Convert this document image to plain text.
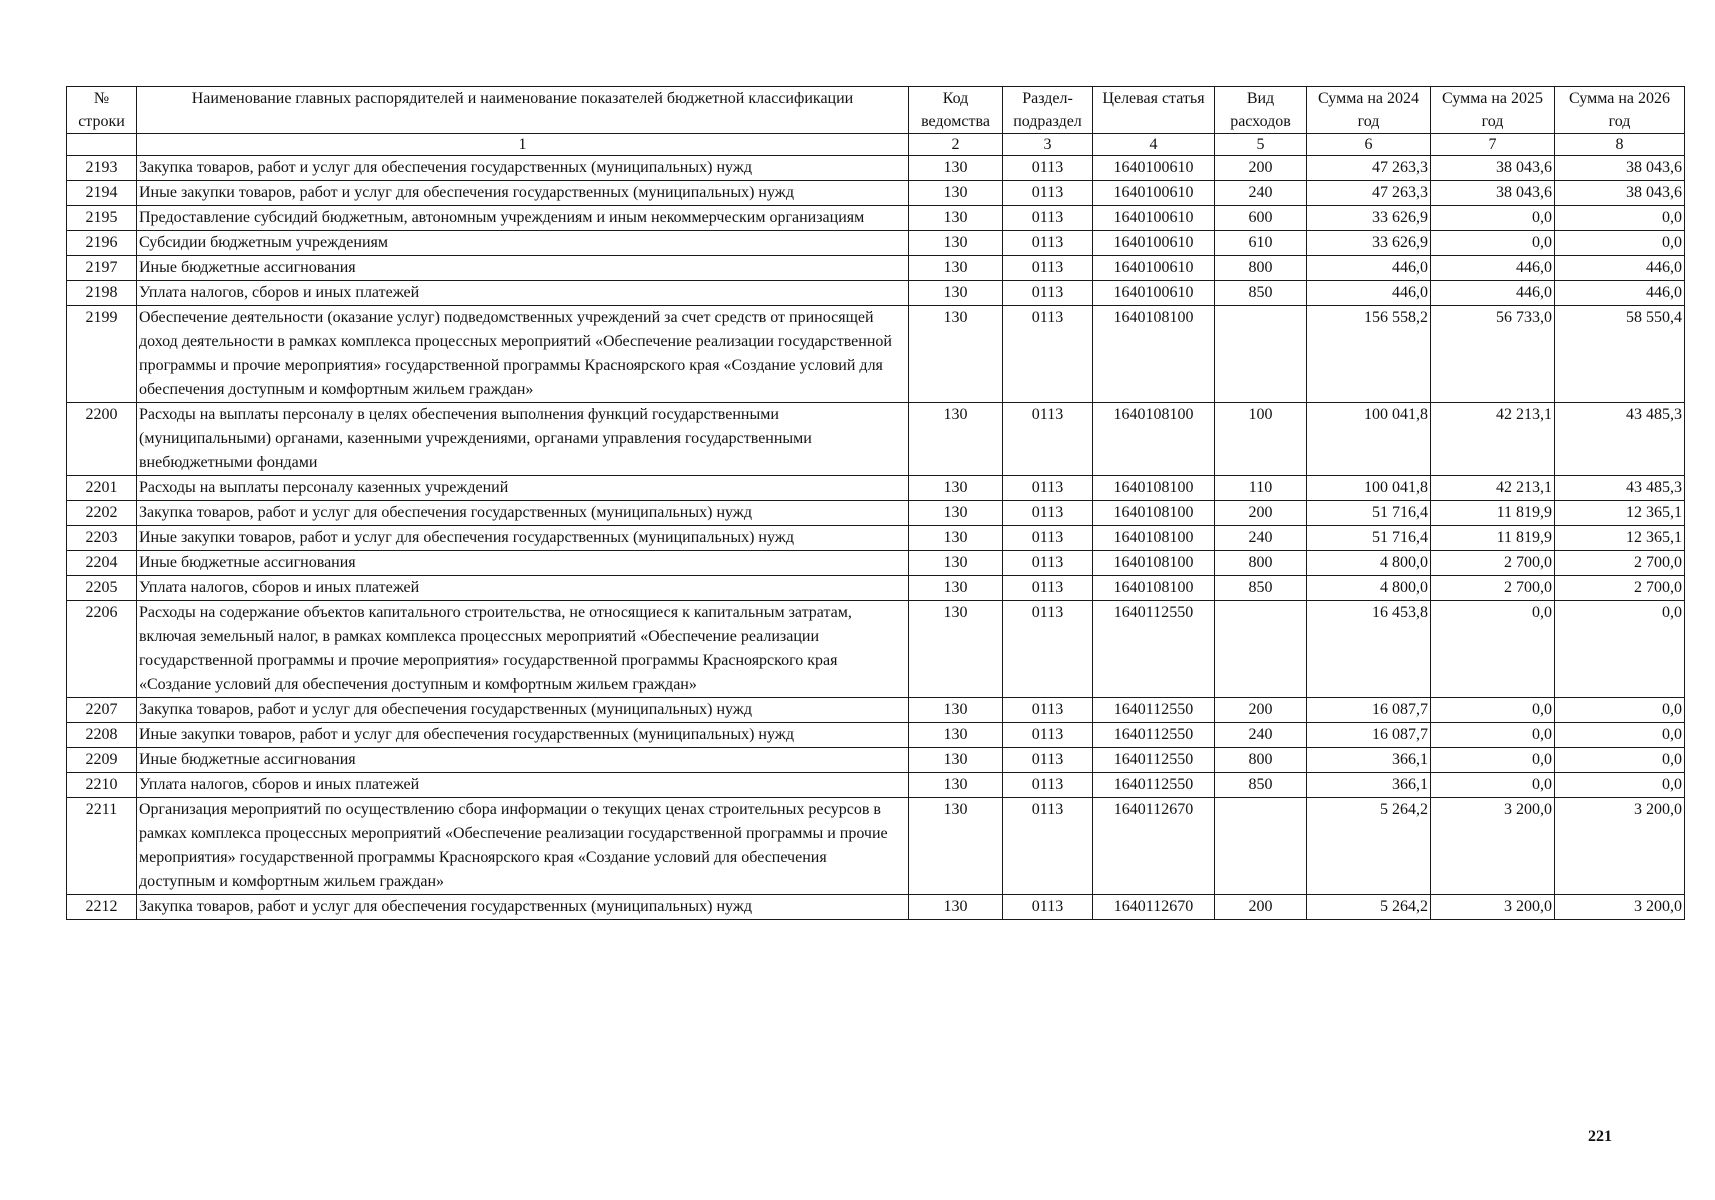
№ строки	Наименование главных распорядителей и наименование показателей бюджетной классификации	Код ведомства	Раздел-подраздел	Целевая статья	Вид расходов	Сумма на 2024 год	Сумма на 2025 год	Сумма на 2026 год
	1	2	3	4	5	6	7	8
2193	Закупка товаров, работ и услуг для обеспечения государственных (муниципальных) нужд	130	0113	1640100610	200	47 263,3	38 043,6	38 043,6
2194	Иные закупки товаров, работ и услуг для обеспечения государственных (муниципальных) нужд	130	0113	1640100610	240	47 263,3	38 043,6	38 043,6
2195	Предоставление субсидий бюджетным, автономным учреждениям и иным некоммерческим организациям	130	0113	1640100610	600	33 626,9	0,0	0,0
2196	Субсидии бюджетным учреждениям	130	0113	1640100610	610	33 626,9	0,0	0,0
2197	Иные бюджетные ассигнования	130	0113	1640100610	800	446,0	446,0	446,0
2198	Уплата налогов, сборов и иных платежей	130	0113	1640100610	850	446,0	446,0	446,0
2199	Обеспечение деятельности (оказание услуг) подведомственных учреждений за счет средств от приносящей доход деятельности в рамках комплекса процессных мероприятий «Обеспечение реализации государственной программы и прочие мероприятия» государственной программы Красноярского края «Создание условий для обеспечения доступным и комфортным жильем граждан»	130	0113	1640108100		156 558,2	56 733,0	58 550,4
2200	Расходы на выплаты персоналу в целях обеспечения выполнения функций государственными (муниципальными) органами, казенными учреждениями, органами управления государственными внебюджетными фондами	130	0113	1640108100	100	100 041,8	42 213,1	43 485,3
2201	Расходы на выплаты персоналу казенных учреждений	130	0113	1640108100	110	100 041,8	42 213,1	43 485,3
2202	Закупка товаров, работ и услуг для обеспечения государственных (муниципальных) нужд	130	0113	1640108100	200	51 716,4	11 819,9	12 365,1
2203	Иные закупки товаров, работ и услуг для обеспечения государственных (муниципальных) нужд	130	0113	1640108100	240	51 716,4	11 819,9	12 365,1
2204	Иные бюджетные ассигнования	130	0113	1640108100	800	4 800,0	2 700,0	2 700,0
2205	Уплата налогов, сборов и иных платежей	130	0113	1640108100	850	4 800,0	2 700,0	2 700,0
2206	Расходы на содержание объектов капитального строительства, не относящиеся к капитальным затратам, включая земельный налог, в рамках комплекса процессных мероприятий «Обеспечение реализации государственной программы и прочие мероприятия» государственной программы Красноярского края «Создание условий для обеспечения доступным и комфортным жильем граждан»	130	0113	1640112550		16 453,8	0,0	0,0
2207	Закупка товаров, работ и услуг для обеспечения государственных (муниципальных) нужд	130	0113	1640112550	200	16 087,7	0,0	0,0
2208	Иные закупки товаров, работ и услуг для обеспечения государственных (муниципальных) нужд	130	0113	1640112550	240	16 087,7	0,0	0,0
2209	Иные бюджетные ассигнования	130	0113	1640112550	800	366,1	0,0	0,0
2210	Уплата налогов, сборов и иных платежей	130	0113	1640112550	850	366,1	0,0	0,0
2211	Организация мероприятий по осуществлению сбора информации о текущих ценах строительных ресурсов в рамках комплекса процессных мероприятий «Обеспечение реализации государственной программы и прочие мероприятия» государственной программы Красноярского края «Создание условий для обеспечения доступным и комфортным жильем граждан»	130	0113	1640112670		5 264,2	3 200,0	3 200,0
2212	Закупка товаров, работ и услуг для обеспечения государственных (муниципальных) нужд	130	0113	1640112670	200	5 264,2	3 200,0	3 200,0
221
